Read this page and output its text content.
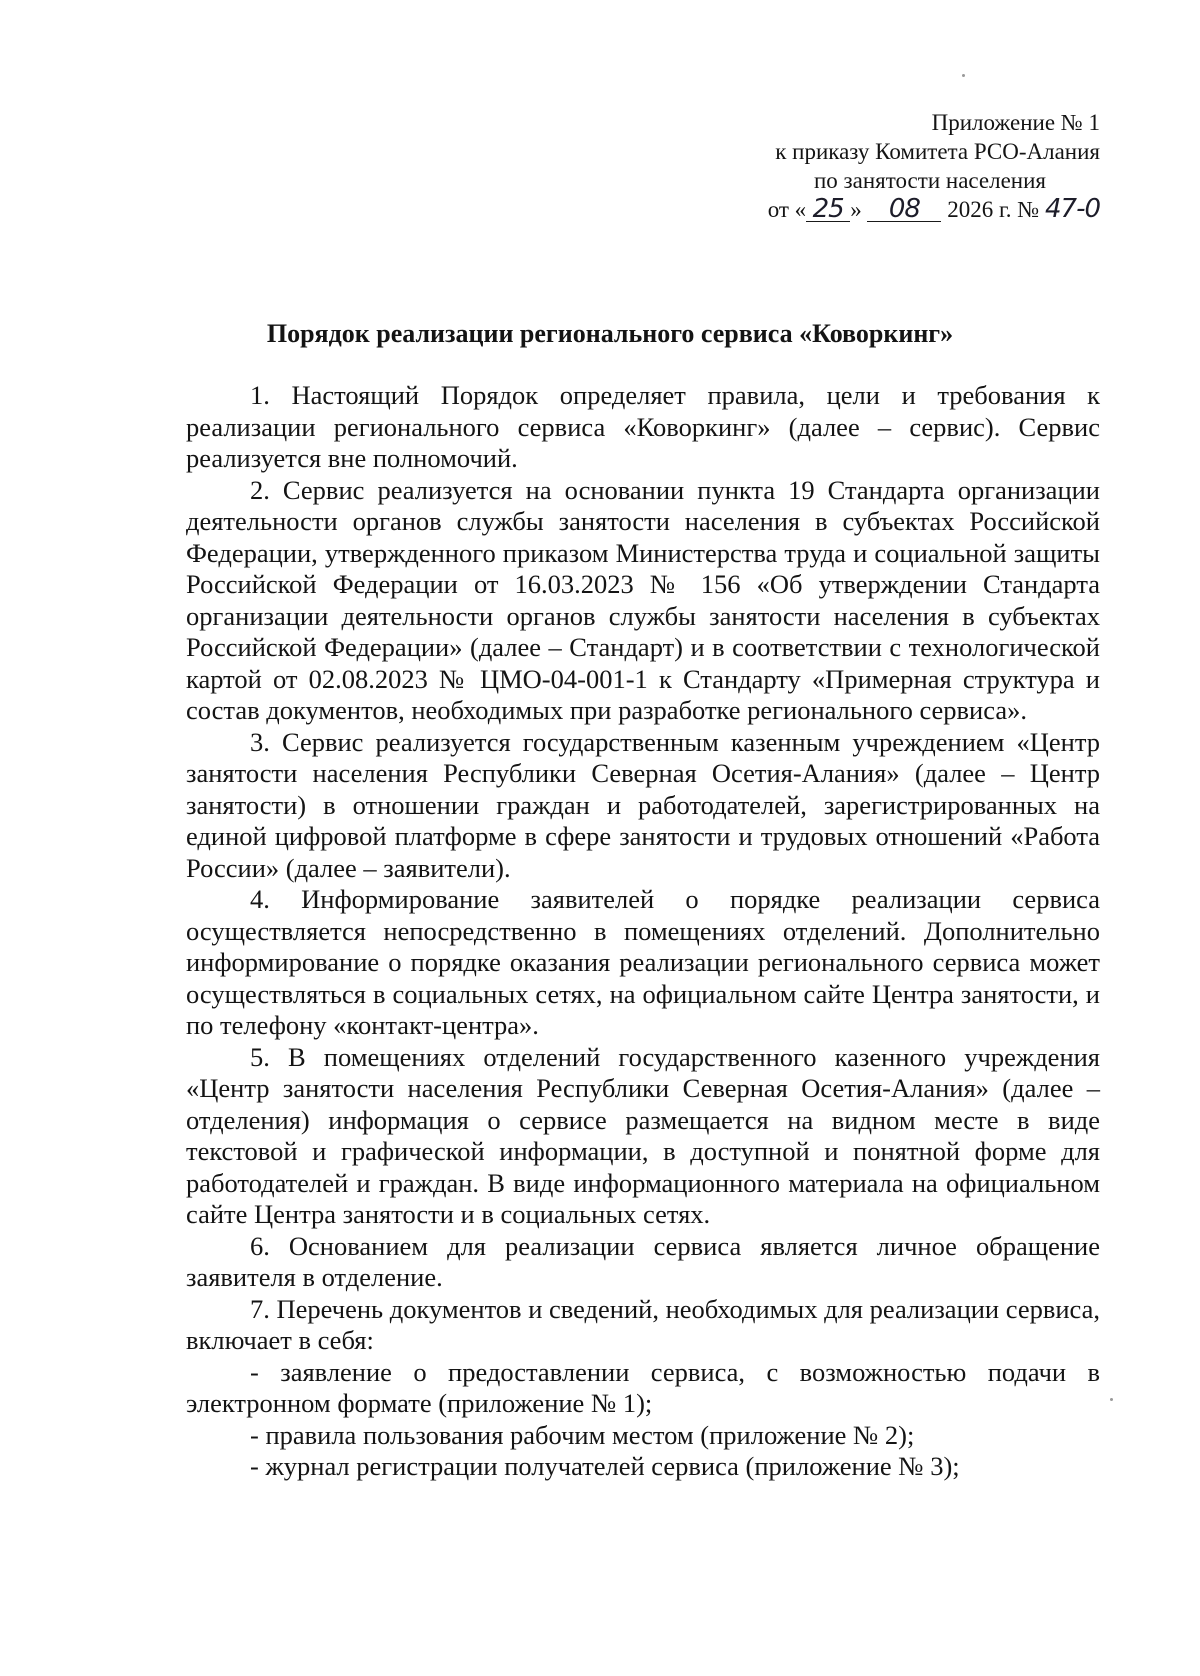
Приложение № 1
к приказу Комитета РСО-Алания
по занятости населения
от « 25 » 08 2026 г. № 47-0
Порядок реализации регионального сервиса «Коворкинг»

1. Настоящий Порядок определяет правила, цели и требования к реализации регионального сервиса «Коворкинг» (далее – сервис). Сервис реализуется вне полномочий.

2. Сервис реализуется на основании пункта 19 Стандарта организации деятельности органов службы занятости населения в субъектах Российской Федерации, утвержденного приказом Министерства труда и социальной защиты Российской Федерации от 16.03.2023 № 156 «Об утверждении Стандарта организации деятельности органов службы занятости населения в субъектах Российской Федерации» (далее – Стандарт) и в соответствии с технологической картой от 02.08.2023 № ЦМО-04-001-1 к Стандарту «Примерная структура и состав документов, необходимых при разработке регионального сервиса».

3. Сервис реализуется государственным казенным учреждением «Центр занятости населения Республики Северная Осетия-Алания» (далее – Центр занятости) в отношении граждан и работодателей, зарегистрированных на единой цифровой платформе в сфере занятости и трудовых отношений «Работа России» (далее – заявители).

4. Информирование заявителей о порядке реализации сервиса осуществляется непосредственно в помещениях отделений. Дополнительно информирование о порядке оказания реализации регионального сервиса может осуществляться в социальных сетях, на официальном сайте Центра занятости, и по телефону «контакт-центра».

5. В помещениях отделений государственного казенного учреждения «Центр занятости населения Республики Северная Осетия-Алания» (далее – отделения) информация о сервисе размещается на видном месте в виде текстовой и графической информации, в доступной и понятной форме для работодателей и граждан. В виде информационного материала на официальном сайте Центра занятости и в социальных сетях.

6. Основанием для реализации сервиса является личное обращение заявителя в отделение.

7. Перечень документов и сведений, необходимых для реализации сервиса, включает в себя:

- заявление о предоставлении сервиса, с возможностью подачи в электронном формате (приложение № 1);

- правила пользования рабочим местом (приложение № 2);

- журнал регистрации получателей сервиса (приложение № 3);
